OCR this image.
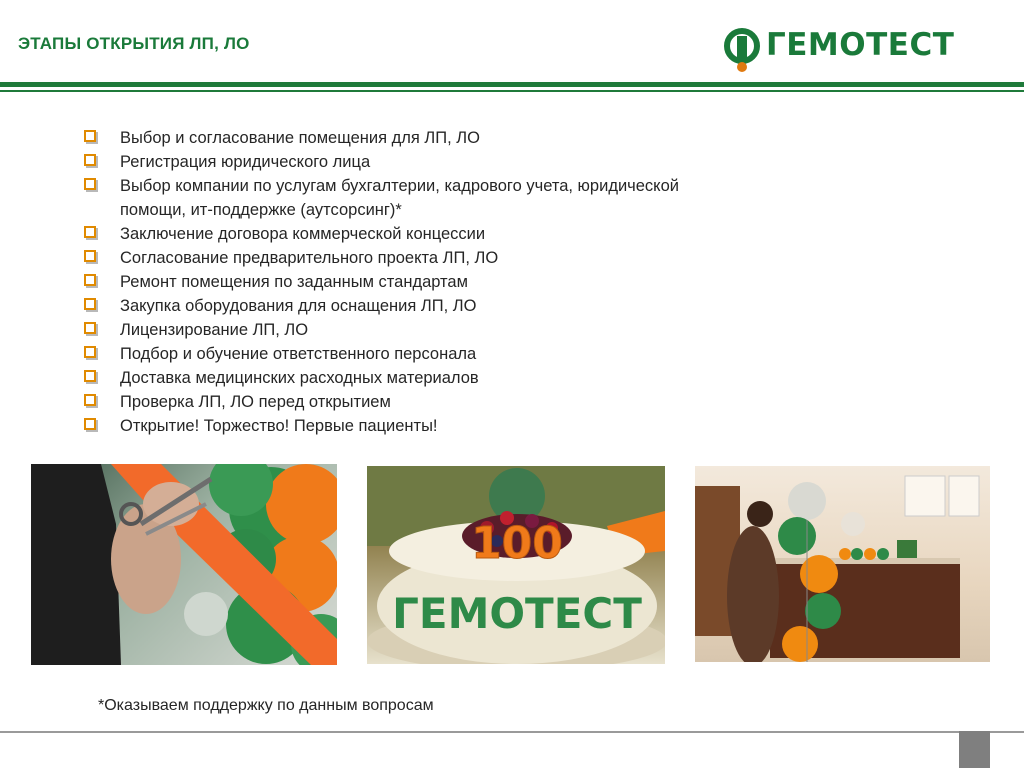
ЭТАПЫ ОТКРЫТИЯ ЛП, ЛО	ГЕМОТЕСТ
Выбор и согласование помещения для ЛП, ЛО
Регистрация юридического лица
Выбор компании по услугам бухгалтерии, кадрового учета, юридической помощи, ит-поддержке (аутсорсинг)*
Заключение договора коммерческой концессии
Согласование предварительного проекта ЛП, ЛО
Ремонт помещения по заданным стандартам
Закупка оборудования для оснащения ЛП, ЛО
Лицензирование ЛП, ЛО
Подбор и обучение ответственного персонала
Доставка медицинских расходных материалов
Проверка ЛП, ЛО перед открытием
Открытие! Торжество! Первые пациенты!
100
ГЕМОТЕСТ
*Оказываем поддержку по данным вопросам
